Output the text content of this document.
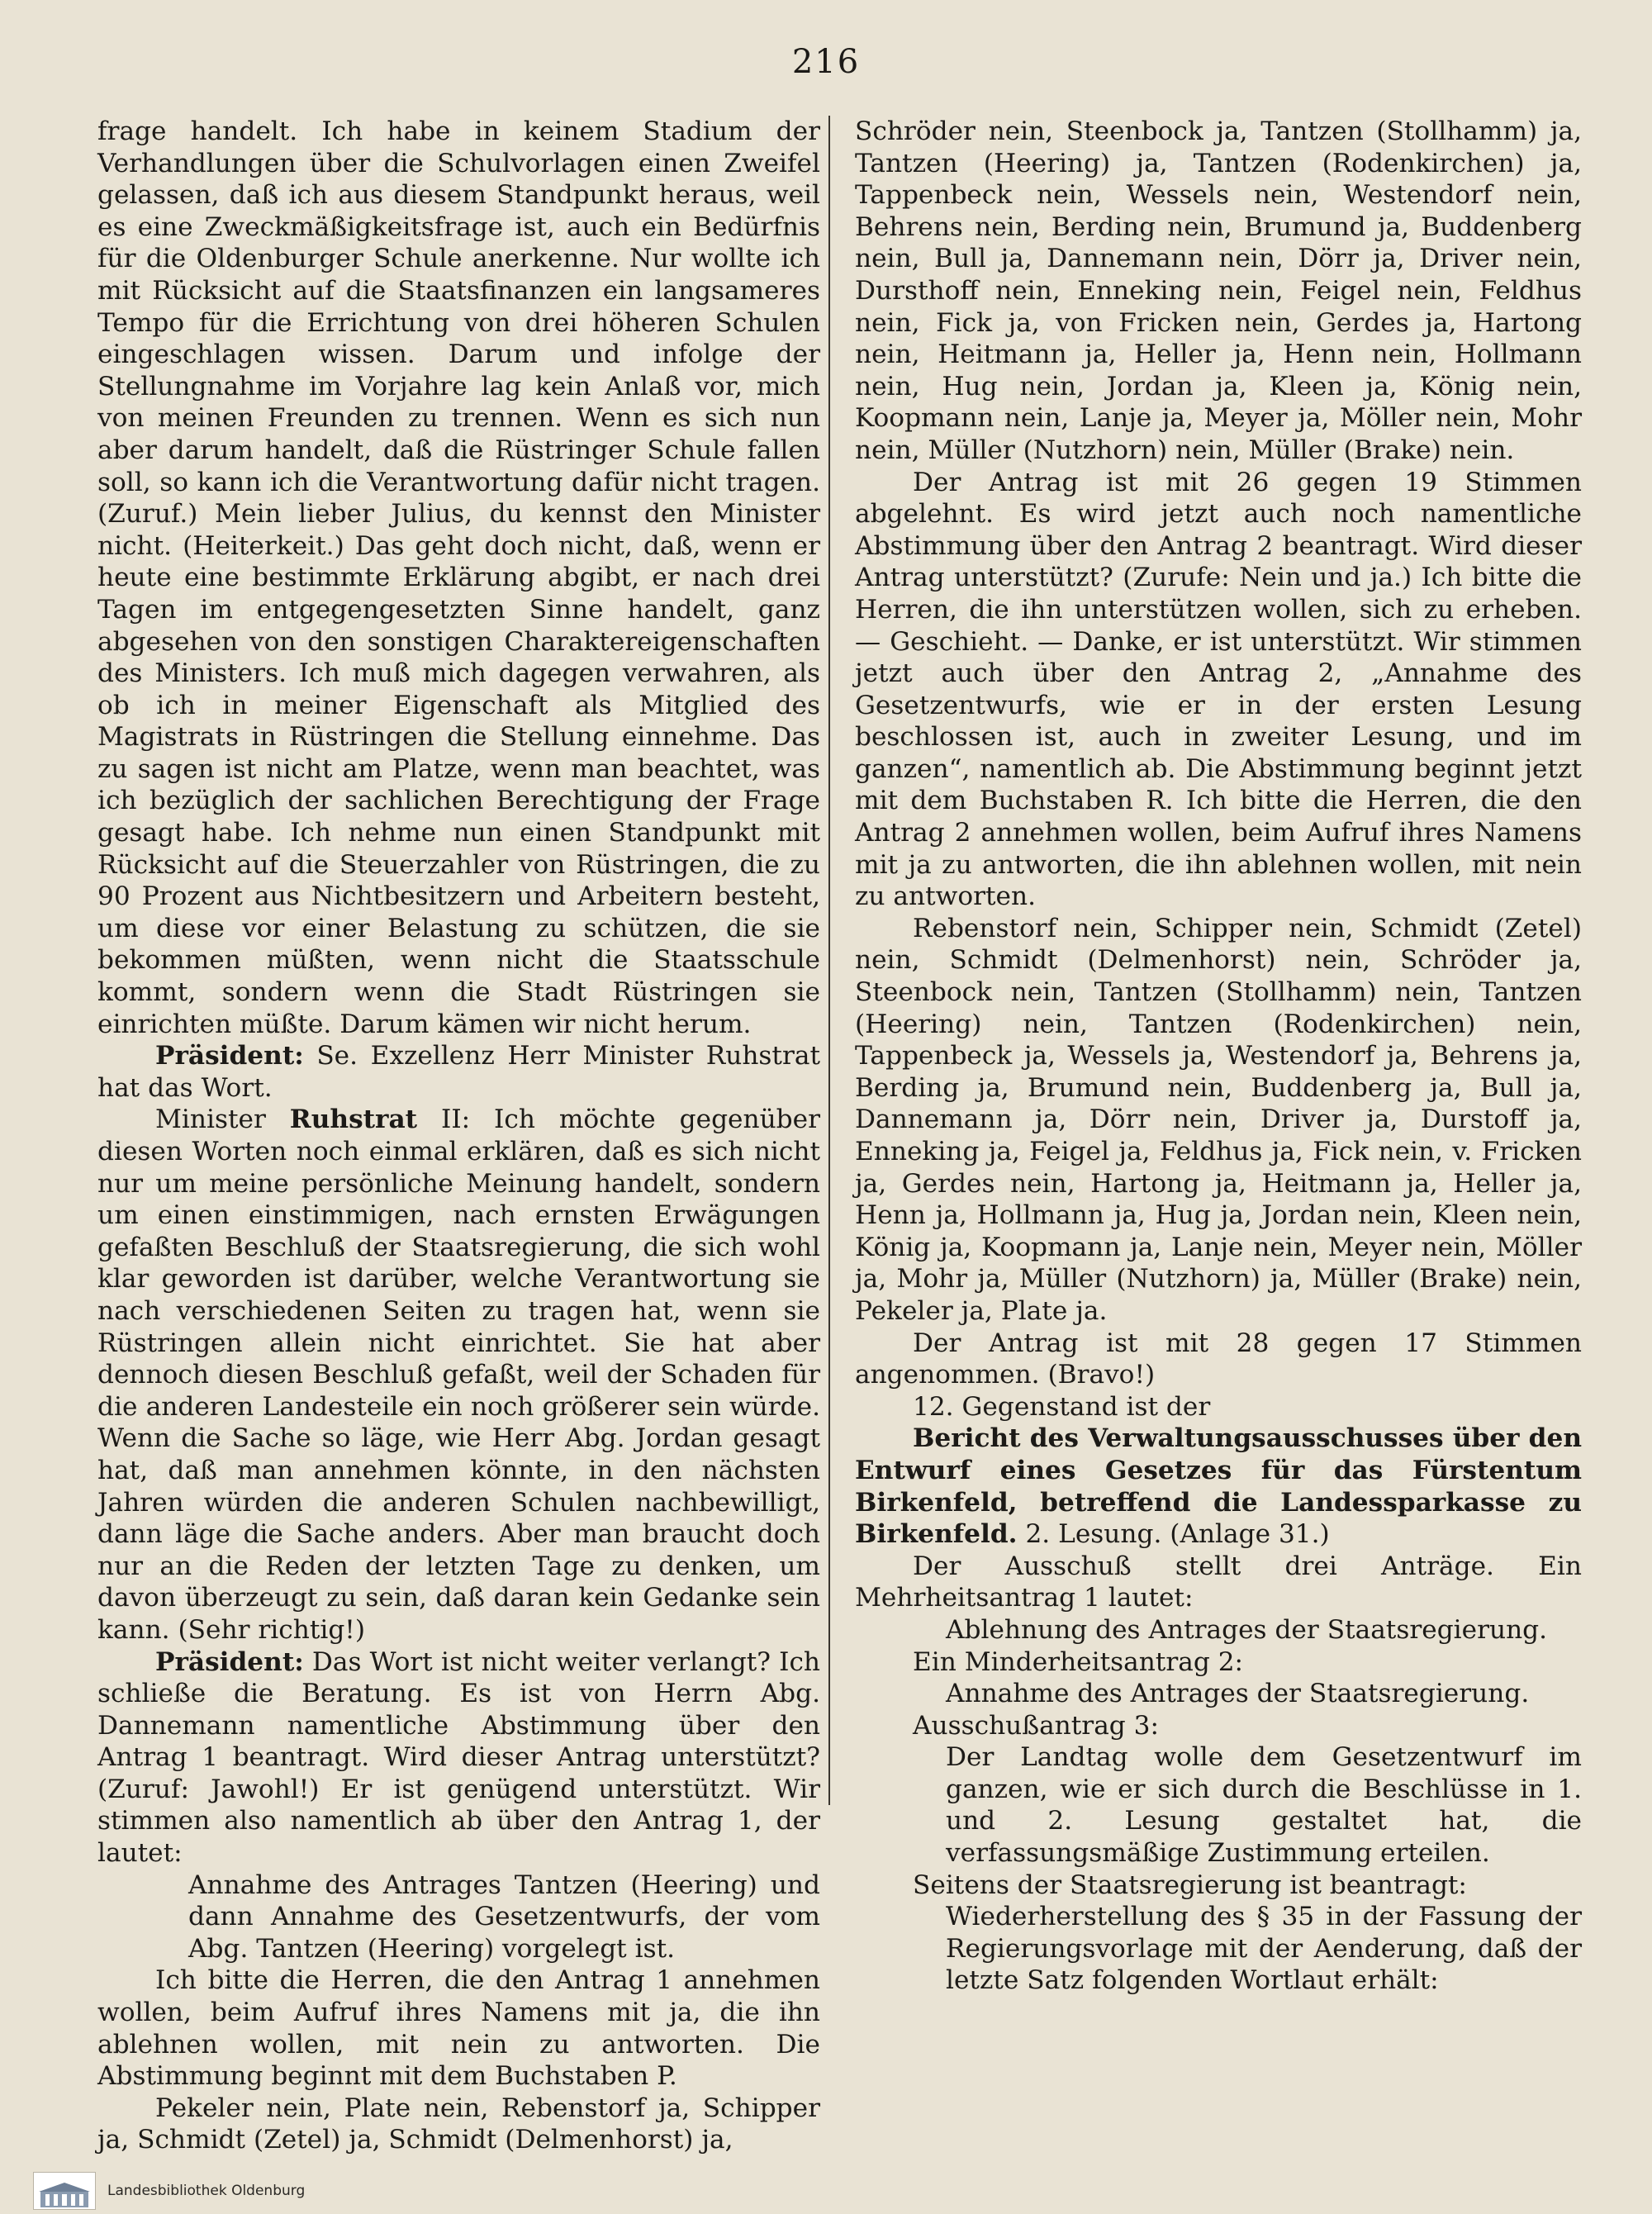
216

frage handelt. Ich habe in keinem Stadium der Verhandlungen über die Schulvorlagen einen Zweifel gelassen, daß ich aus diesem Standpunkt heraus, weil es eine Zweckmäßigkeitsfrage ist, auch ein Bedürfnis für die Oldenburger Schule anerkenne. Nur wollte ich mit Rücksicht auf die Staatsfinanzen ein langsameres Tempo für die Errichtung von drei höheren Schulen eingeschlagen wissen. Darum und infolge der Stellungnahme im Vorjahre lag kein Anlaß vor, mich von meinen Freunden zu trennen. Wenn es sich nun aber darum handelt, daß die Rüstringer Schule fallen soll, so kann ich die Verantwortung dafür nicht tragen. (Zuruf.) Mein lieber Julius, du kennst den Minister nicht. (Heiterkeit.) Das geht doch nicht, daß, wenn er heute eine bestimmte Erklärung abgibt, er nach drei Tagen im entgegengesetzten Sinne handelt, ganz abgesehen von den sonstigen Charaktereigenschaften des Ministers. Ich muß mich dagegen verwahren, als ob ich in meiner Eigenschaft als Mitglied des Magistrats in Rüstringen die Stellung einnehme. Das zu sagen ist nicht am Platze, wenn man beachtet, was ich bezüglich der sachlichen Berechtigung der Frage gesagt habe. Ich nehme nun einen Standpunkt mit Rücksicht auf die Steuerzahler von Rüstringen, die zu 90 Prozent aus Nichtbesitzern und Arbeitern besteht, um diese vor einer Belastung zu schützen, die sie bekommen müßten, wenn nicht die Staatsschule kommt, sondern wenn die Stadt Rüstringen sie einrichten müßte. Darum kämen wir nicht herum.

Präsident: Se. Exzellenz Herr Minister Ruhstrat hat das Wort.

Minister Ruhstrat II: Ich möchte gegenüber diesen Worten noch einmal erklären, daß es sich nicht nur um meine persönliche Meinung handelt, sondern um einen einstimmigen, nach ernsten Erwägungen gefaßten Beschluß der Staatsregierung, die sich wohl klar geworden ist darüber, welche Verantwortung sie nach verschiedenen Seiten zu tragen hat, wenn sie Rüstringen allein nicht einrichtet. Sie hat aber dennoch diesen Beschluß gefaßt, weil der Schaden für die anderen Landesteile ein noch größerer sein würde. Wenn die Sache so läge, wie Herr Abg. Jordan gesagt hat, daß man annehmen könnte, in den nächsten Jahren würden die anderen Schulen nachbewilligt, dann läge die Sache anders. Aber man braucht doch nur an die Reden der letzten Tage zu denken, um davon überzeugt zu sein, daß daran kein Gedanke sein kann. (Sehr richtig!)

Präsident: Das Wort ist nicht weiter verlangt? Ich schließe die Beratung. Es ist von Herrn Abg. Dannemann namentliche Abstimmung über den Antrag 1 beantragt. Wird dieser Antrag unterstützt? (Zuruf: Jawohl!) Er ist genügend unterstützt. Wir stimmen also namentlich ab über den Antrag 1, der lautet:

Annahme des Antrages Tantzen (Heering) und dann Annahme des Gesetzentwurfs, der vom Abg. Tantzen (Heering) vorgelegt ist.

Ich bitte die Herren, die den Antrag 1 annehmen wollen, beim Aufruf ihres Namens mit ja, die ihn ablehnen wollen, mit nein zu antworten. Die Abstimmung beginnt mit dem Buchstaben P.

Pekeler nein, Plate nein, Rebenstorf ja, Schipper ja, Schmidt (Zetel) ja, Schmidt (Delmenhorst) ja,

Schröder nein, Steenbock ja, Tantzen (Stollhamm) ja, Tantzen (Heering) ja, Tantzen (Rodenkirchen) ja, Tappenbeck nein, Wessels nein, Westendorf nein, Behrens nein, Berding nein, Brumund ja, Buddenberg nein, Bull ja, Dannemann nein, Dörr ja, Driver nein, Dursthoff nein, Enneking nein, Feigel nein, Feldhus nein, Fick ja, von Fricken nein, Gerdes ja, Hartong nein, Heitmann ja, Heller ja, Henn nein, Hollmann nein, Hug nein, Jordan ja, Kleen ja, König nein, Koopmann nein, Lanje ja, Meyer ja, Möller nein, Mohr nein, Müller (Nutzhorn) nein, Müller (Brake) nein.

Der Antrag ist mit 26 gegen 19 Stimmen abgelehnt. Es wird jetzt auch noch namentliche Abstimmung über den Antrag 2 beantragt. Wird dieser Antrag unterstützt? (Zurufe: Nein und ja.) Ich bitte die Herren, die ihn unterstützen wollen, sich zu erheben. — Geschieht. — Danke, er ist unterstützt. Wir stimmen jetzt auch über den Antrag 2, „Annahme des Gesetzentwurfs, wie er in der ersten Lesung beschlossen ist, auch in zweiter Lesung, und im ganzen“, namentlich ab. Die Abstimmung beginnt jetzt mit dem Buchstaben R. Ich bitte die Herren, die den Antrag 2 annehmen wollen, beim Aufruf ihres Namens mit ja zu antworten, die ihn ablehnen wollen, mit nein zu antworten.

Rebenstorf nein, Schipper nein, Schmidt (Zetel) nein, Schmidt (Delmenhorst) nein, Schröder ja, Steenbock nein, Tantzen (Stollhamm) nein, Tantzen (Heering) nein, Tantzen (Rodenkirchen) nein, Tappenbeck ja, Wessels ja, Westendorf ja, Behrens ja, Berding ja, Brumund nein, Buddenberg ja, Bull ja, Dannemann ja, Dörr nein, Driver ja, Durstoff ja, Enneking ja, Feigel ja, Feldhus ja, Fick nein, v. Fricken ja, Gerdes nein, Hartong ja, Heitmann ja, Heller ja, Henn ja, Hollmann ja, Hug ja, Jordan nein, Kleen nein, König ja, Koopmann ja, Lanje nein, Meyer nein, Möller ja, Mohr ja, Müller (Nutzhorn) ja, Müller (Brake) nein, Pekeler ja, Plate ja.

Der Antrag ist mit 28 gegen 17 Stimmen angenommen. (Bravo!)

12. Gegenstand ist der

Bericht des Verwaltungsausschusses über den Entwurf eines Gesetzes für das Fürstentum Birkenfeld, betreffend die Landessparkasse zu Birkenfeld. 2. Lesung. (Anlage 31.)

Der Ausschuß stellt drei Anträge. Ein Mehrheitsantrag 1 lautet:

Ablehnung des Antrages der Staatsregierung.

Ein Minderheitsantrag 2:

Annahme des Antrages der Staatsregierung.

Ausschußantrag 3:

Der Landtag wolle dem Gesetzentwurf im ganzen, wie er sich durch die Beschlüsse in 1. und 2. Lesung gestaltet hat, die verfassungsmäßige Zustimmung erteilen.

Seitens der Staatsregierung ist beantragt:

Wiederherstellung des § 35 in der Fassung der Regierungsvorlage mit der Aenderung, daß der letzte Satz folgenden Wortlaut erhält:

Landesbibliothek Oldenburg
